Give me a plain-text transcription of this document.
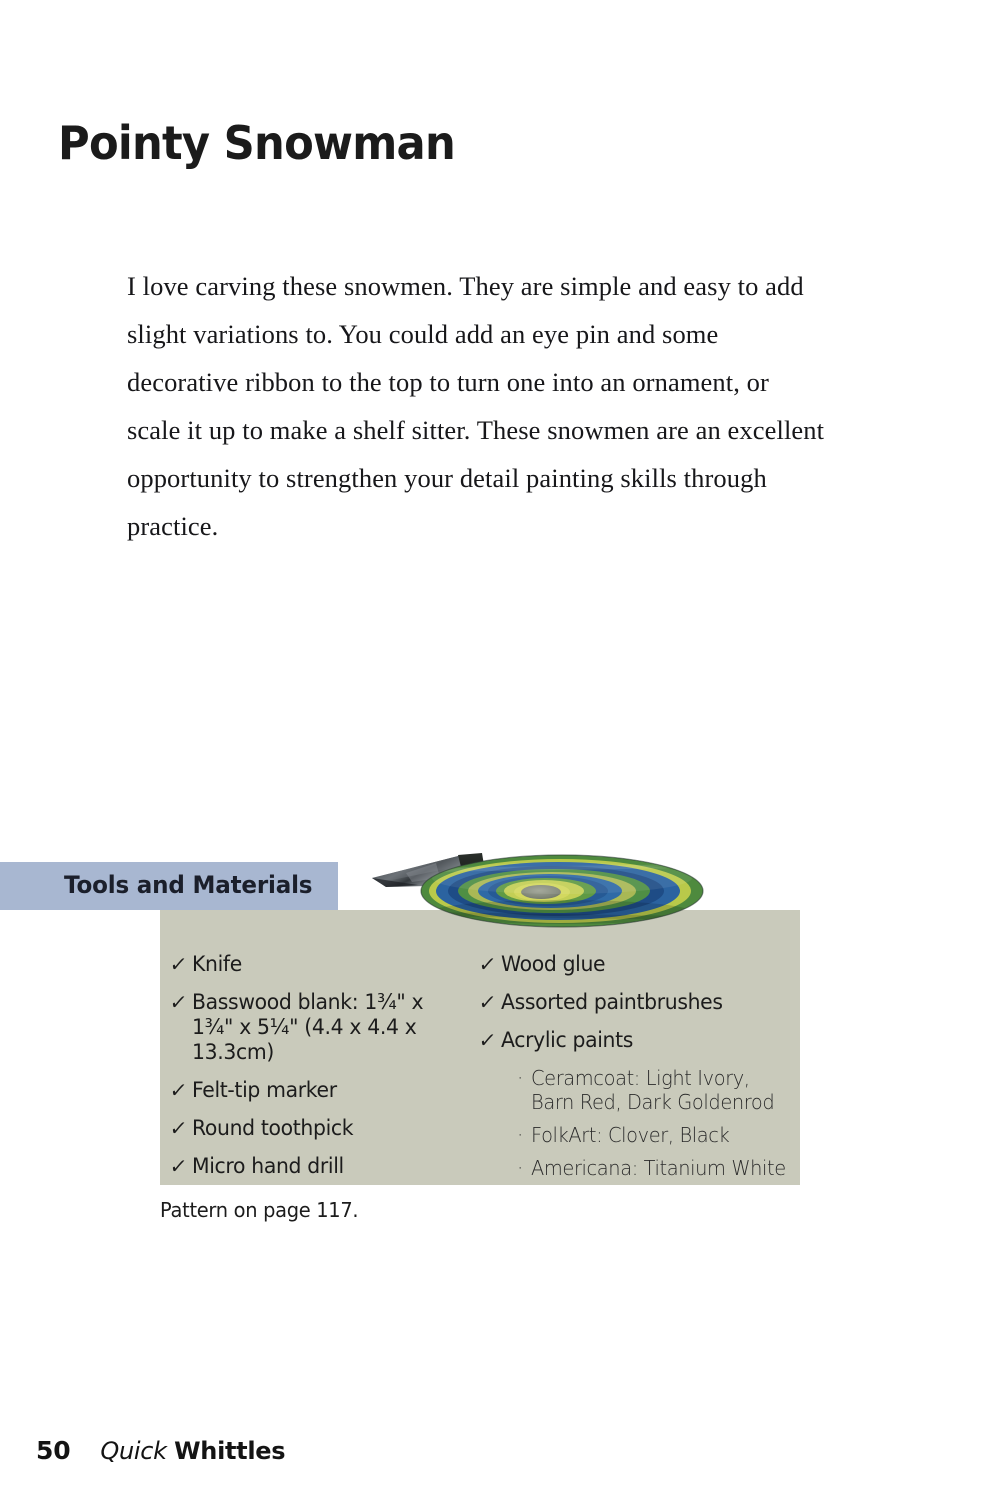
Pointy Snowman
I love carving these snowmen. They are simple and easy to add slight variations to. You could add an eye pin and some decorative ribbon to the top to turn one into an ornament, or scale it up to make a shelf sitter. These snowmen are an excellent opportunity to strengthen your detail painting skills through practice.
Tools and Materials
✓ Knife
✓ Basswood blank: 1¾" x 1¾" x 5¼" (4.4 x 4.4 x 13.3cm)
✓ Felt-tip marker
✓ Round toothpick
✓ Micro hand drill
✓ Wood glue
✓ Assorted paintbrushes
✓ Acrylic paints
· Ceramcoat: Light Ivory, Barn Red, Dark Goldenrod
· FolkArt: Clover, Black
· Americana: Titanium White
Pattern on page 117.
50 Quick Whittles
